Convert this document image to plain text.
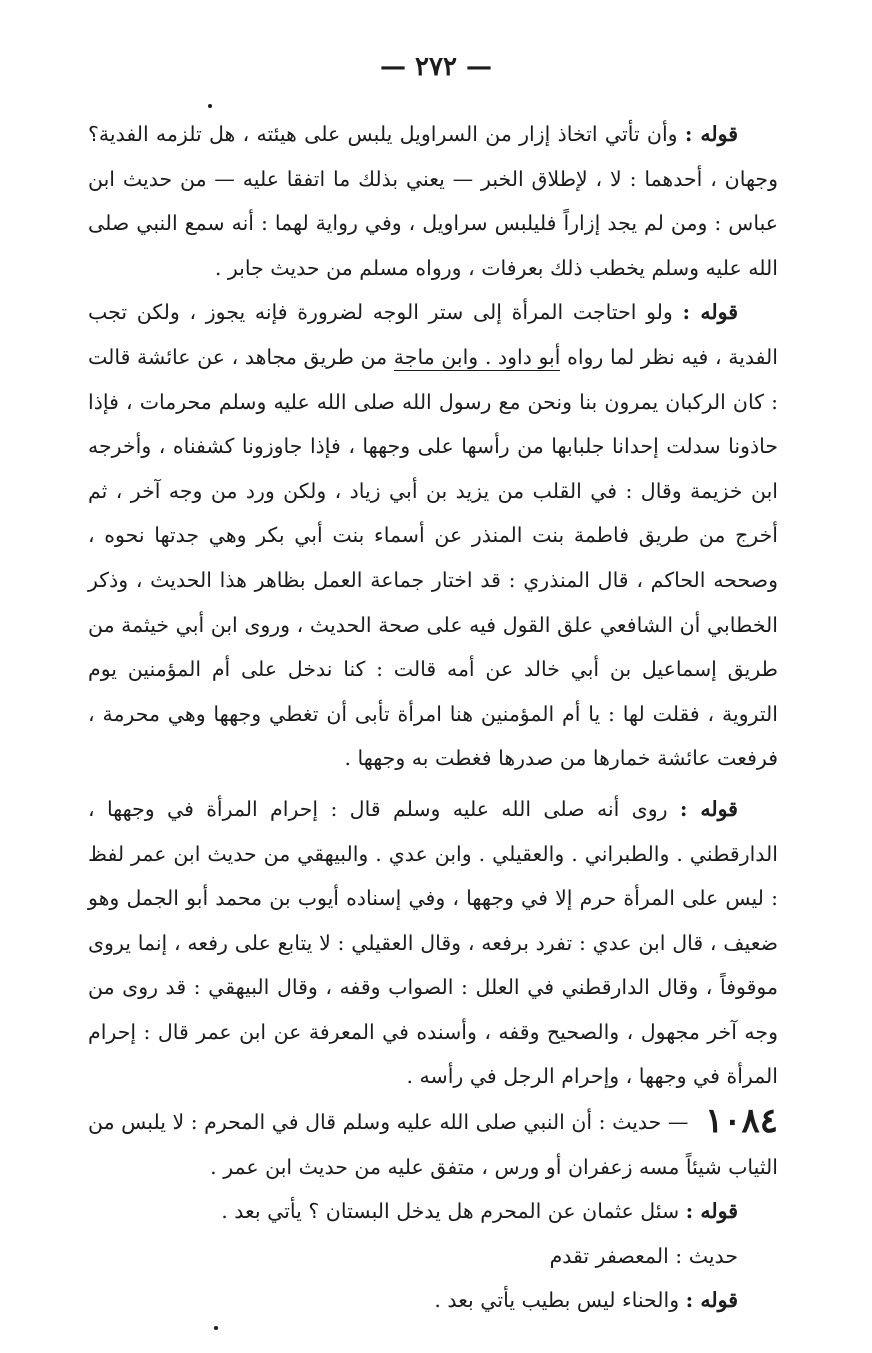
— ٢٧٢ —

قوله : وأن تأتي اتخاذ إزار من السراويل يلبس على هيئته ، هل تلزمه الفدية؟ وجهان ، أحدهما : لا ، لإطلاق الخبر — يعني بذلك ما اتفقا عليه — من حديث ابن عباس : ومن لم يجد إزاراً فليلبس سراويل ، وفي رواية لهما : أنه سمع النبي صلى الله عليه وسلم يخطب ذلك بعرفات ، ورواه مسلم من حديث جابر .

قوله : ولو احتاجت المرأة إلى ستر الوجه لضرورة فإنه يجوز ، ولكن تجب الفدية ، فيه نظر لما رواه أبو داود . وابن ماجة من طريق مجاهد ، عن عائشة قالت : كان الركبان يمرون بنا ونحن مع رسول الله صلى الله عليه وسلم محرمات ، فإذا حاذونا سدلت إحدانا جلبابها من رأسها على وجهها ، فإذا جاوزونا كشفناه ، وأخرجه ابن خزيمة وقال : في القلب من يزيد بن أبي زياد ، ولكن ورد من وجه آخر ، ثم أخرج من طريق فاطمة بنت المنذر عن أسماء بنت أبي بكر وهي جدتها نحوه ، وصححه الحاكم ، قال المنذري : قد اختار جماعة العمل بظاهر هذا الحديث ، وذكر الخطابي أن الشافعي علق القول فيه على صحة الحديث ، وروى ابن أبي خيثمة من طريق إسماعيل بن أبي خالد عن أمه قالت : كنا ندخل على أم المؤمنين يوم التروية ، فقلت لها : يا أم المؤمنين هنا امرأة تأبى أن تغطي وجهها وهي محرمة ، فرفعت عائشة خمارها من صدرها فغطت به وجهها .

قوله : روى أنه صلى الله عليه وسلم قال : إحرام المرأة في وجهها ، الدارقطني . والطبراني . والعقيلي . وابن عدي . والبيهقي من حديث ابن عمر لفظ : ليس على المرأة حرم إلا في وجهها ، وفي إسناده أيوب بن محمد أبو الجمل وهو ضعيف ، قال ابن عدي : تفرد برفعه ، وقال العقيلي : لا يتابع على رفعه ، إنما يروى موقوفاً ، وقال الدارقطني في العلل : الصواب وقفه ، وقال البيهقي : قد روى من وجه آخر مجهول ، والصحيح وقفه ، وأسنده في المعرفة عن ابن عمر قال : إحرام المرأة في وجهها ، وإحرام الرجل في رأسه .

١٠٨٤ — حديث : أن النبي صلى الله عليه وسلم قال في المحرم : لا يلبس من الثياب شيئاً مسه زعفران أو ورس ، متفق عليه من حديث ابن عمر .

قوله : سئل عثمان عن المحرم هل يدخل البستان ؟ يأتي بعد .

حديث : المعصفر تقدم

قوله : والحناء ليس بطيب يأتي بعد .
